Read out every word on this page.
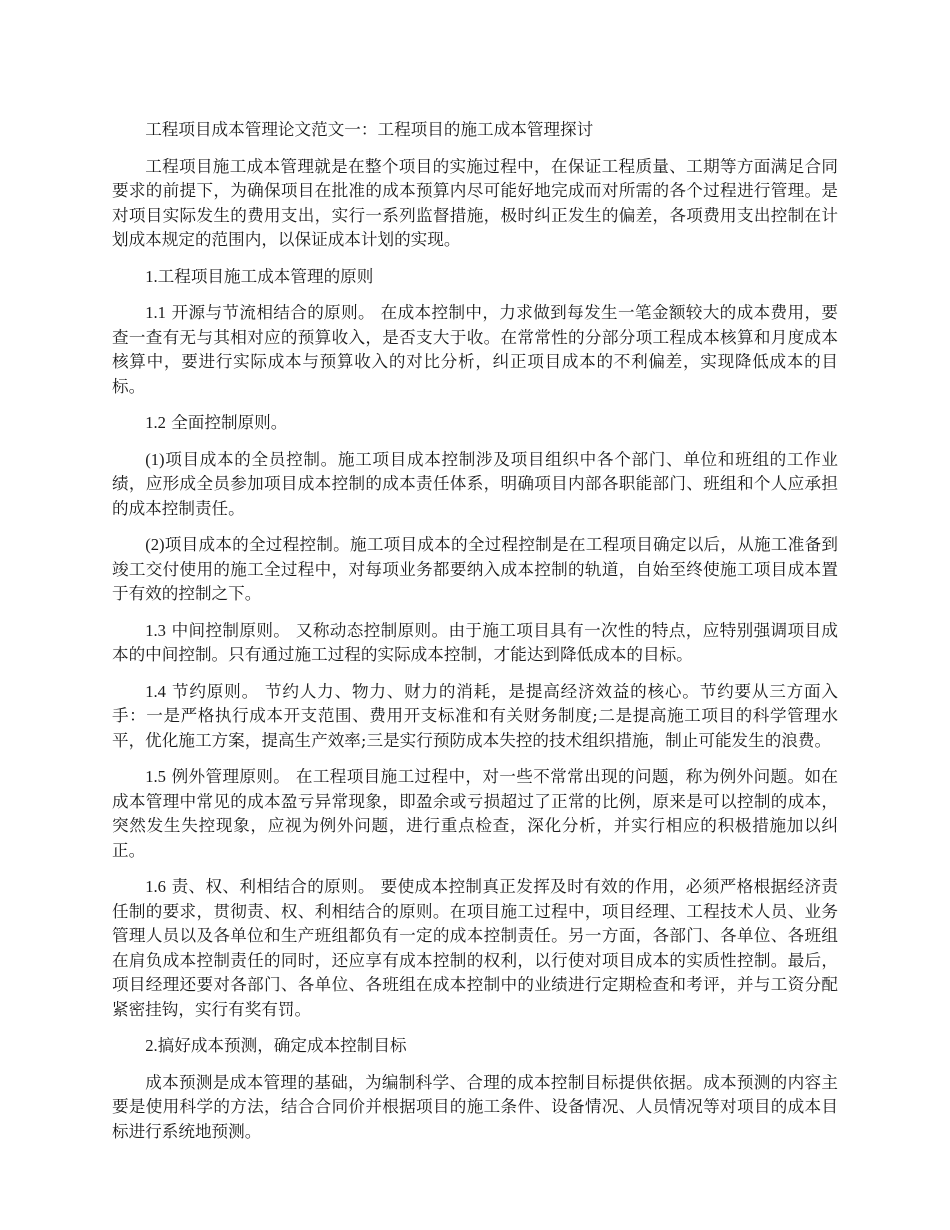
工程项目成本管理论文范文一：工程项目的施工成本管理探讨

工程项目施工成本管理就是在整个项目的实施过程中，在保证工程质量、工期等方面满足合同要求的前提下，为确保项目在批准的成本预算内尽可能好地完成而对所需的各个过程进行管理。是对项目实际发生的费用支出，实行一系列监督措施，极时纠正发生的偏差，各项费用支出控制在计划成本规定的范围内，以保证成本计划的实现。

1.工程项目施工成本管理的原则

1.1 开源与节流相结合的原则。 在成本控制中，力求做到每发生一笔金额较大的成本费用，要查一查有无与其相对应的预算收入，是否支大于收。在常常性的分部分项工程成本核算和月度成本核算中，要进行实际成本与预算收入的对比分析，纠正项目成本的不利偏差，实现降低成本的目标。

1.2 全面控制原则。

(1)项目成本的全员控制。施工项目成本控制涉及项目组织中各个部门、单位和班组的工作业绩，应形成全员参加项目成本控制的成本责任体系，明确项目内部各职能部门、班组和个人应承担的成本控制责任。

(2)项目成本的全过程控制。施工项目成本的全过程控制是在工程项目确定以后，从施工准备到竣工交付使用的施工全过程中，对每项业务都要纳入成本控制的轨道，自始至终使施工项目成本置于有效的控制之下。

1.3 中间控制原则。 又称动态控制原则。由于施工项目具有一次性的特点，应特别强调项目成本的中间控制。只有通过施工过程的实际成本控制，才能达到降低成本的目标。

1.4 节约原则。 节约人力、物力、财力的消耗，是提高经济效益的核心。节约要从三方面入手：一是严格执行成本开支范围、费用开支标准和有关财务制度;二是提高施工项目的科学管理水平，优化施工方案，提高生产效率;三是实行预防成本失控的技术组织措施，制止可能发生的浪费。

1.5 例外管理原则。 在工程项目施工过程中，对一些不常常出现的问题，称为例外问题。如在成本管理中常见的成本盈亏异常现象，即盈余或亏损超过了正常的比例，原来是可以控制的成本，突然发生失控现象，应视为例外问题，进行重点检查，深化分析，并实行相应的积极措施加以纠正。

1.6 责、权、利相结合的原则。 要使成本控制真正发挥及时有效的作用，必须严格根据经济责任制的要求，贯彻责、权、利相结合的原则。在项目施工过程中，项目经理、工程技术人员、业务管理人员以及各单位和生产班组都负有一定的成本控制责任。另一方面，各部门、各单位、各班组在肩负成本控制责任的同时，还应享有成本控制的权利，以行使对项目成本的实质性控制。最后，项目经理还要对各部门、各单位、各班组在成本控制中的业绩进行定期检查和考评，并与工资分配紧密挂钩，实行有奖有罚。

2.搞好成本预测，确定成本控制目标

成本预测是成本管理的基础，为编制科学、合理的成本控制目标提供依据。成本预测的内容主要是使用科学的方法，结合合同价并根据项目的施工条件、设备情况、人员情况等对项目的成本目标进行系统地预测。
